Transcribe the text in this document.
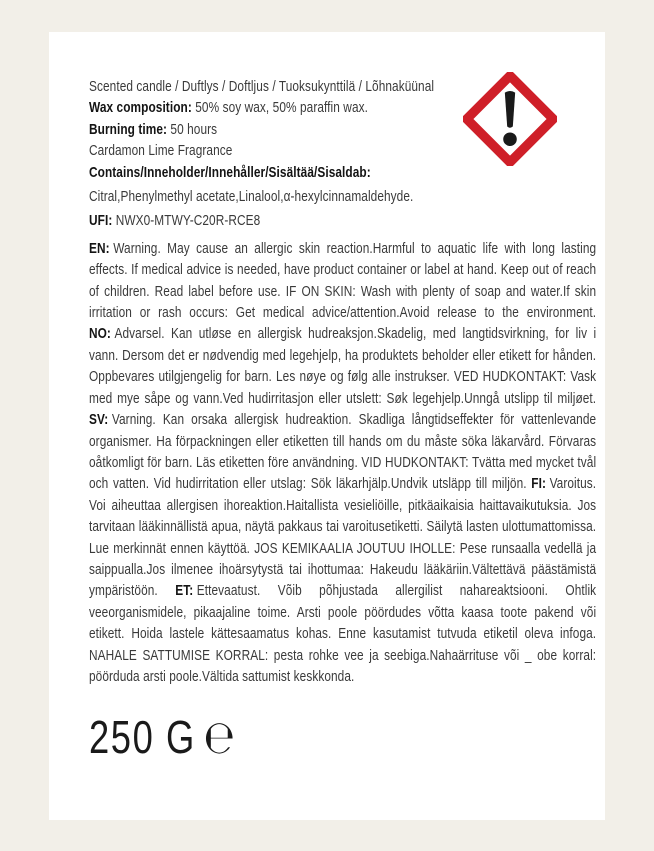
Scented candle / Duftlys / Doftljus / Tuoksukynttilä / Lõhnaküünal

Wax composition: 50% soy wax, 50% paraffin wax.

Burning time: 50 hours

Cardamon Lime Fragrance

Contains/Inneholder/Innehåller/Sisältää/Sisaldab:

Citral,Phenylmethyl acetate,Linalool,α-hexylcinnamaldehyde.

UFI: NWX0-MTWY-C20R-RCE8

EN: Warning. May cause an allergic skin reaction.Harmful to aquatic life with long lasting effects. If medical advice is needed, have product container or label at hand. Keep out of reach of children. Read label before use. IF ON SKIN: Wash with plenty of soap and water.If skin irritation or rash occurs: Get medical advice/attention.Avoid release to the environment. NO: Advarsel. Kan utløse en allergisk hudreaksjon.Skadelig, med langtidsvirkning, for liv i vann. Dersom det er nødvendig med legehjelp, ha produktets beholder eller etikett for hånden. Oppbevares utilgjengelig for barn. Les nøye og følg alle instrukser. VED HUDKONTAKT: Vask med mye såpe og vann.Ved hudirritasjon eller utslett: Søk legehjelp.Unngå utslipp til miljøet. SV: Varning. Kan orsaka allergisk hudreaktion. Skadliga långtidseffekter för vattenlevande organismer. Ha förpackningen eller etiketten till hands om du måste söka läkarvård. Förvaras oåtkomligt för barn. Läs etiketten före användning. VID HUDKONTAKT: Tvätta med mycket tvål och vatten. Vid hudirritation eller utslag: Sök läkarhjälp.Undvik utsläpp till miljön. FI: Varoitus. Voi aiheuttaa allergisen ihoreaktion.Haitallista vesieliöille, pitkäaikaisia haittavaikutuksia. Jos tarvitaan lääkinnällistä apua, näytä pakkaus tai varoitusetiketti. Säilytä lasten ulottumattomissa. Lue merkinnät ennen käyttöä. JOS KEMIKAALIA JOUTUU IHOLLE: Pese runsaalla vedellä ja saippualla.Jos ilmenee ihoärsytystä tai ihottumaa: Hakeudu lääkäriin.Vältettävä päästämistä ympäristöön. ET: Ettevaatust. Võib põhjustada allergilist nahareaktsiooni. Ohtlik veeorganismidele, pikaajaline toime. Arsti poole pöördudes võtta kaasa toote pakend või etikett. Hoida lastele kättesaamatus kohas. Enne kasutamist tutvuda etiketil oleva infoga. NAHALE SATTUMISE KORRAL: pesta rohke vee ja seebiga.Nahaärrituse või _ obe korral: pöörduda arsti poole.Vältida sattumist keskkonda.

250 G ℮
